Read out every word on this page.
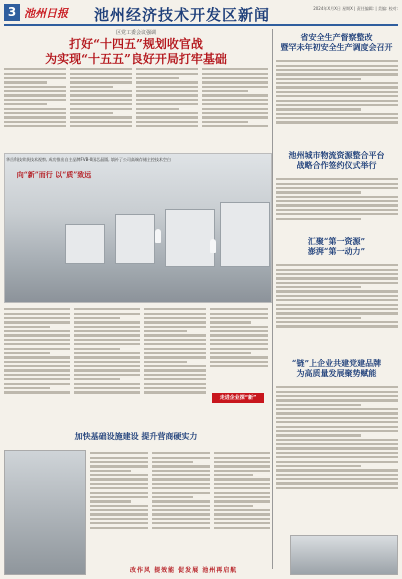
3 池州日报 池州经济技术开发区新闻	2024年X月X日 星期X | 责任编辑: | 美编: 校对:
区党工委会议强调
打好“十四五”规划收官战
为实现“十五五”良好开局打牢基础
省安全生产督察整改
暨罕未年初安全生产调度会召开
池州城市物流资源整合平台
战略合作签约仪式举行
汇聚“第一资源”
澎湃“第一动力”
“链”上企业共建党建品牌
为高质量发展聚势赋能
华岳科技荣获技术视察, 成功推出自主品牌FVB-0国芯晶圆, 填补了公司高端存储主控技术空白
向“新”而行 以“质”致远
走进企业探“新”
加快基础设施建设 提升营商硬实力
改作风 提效能 促发展 池州再启航
